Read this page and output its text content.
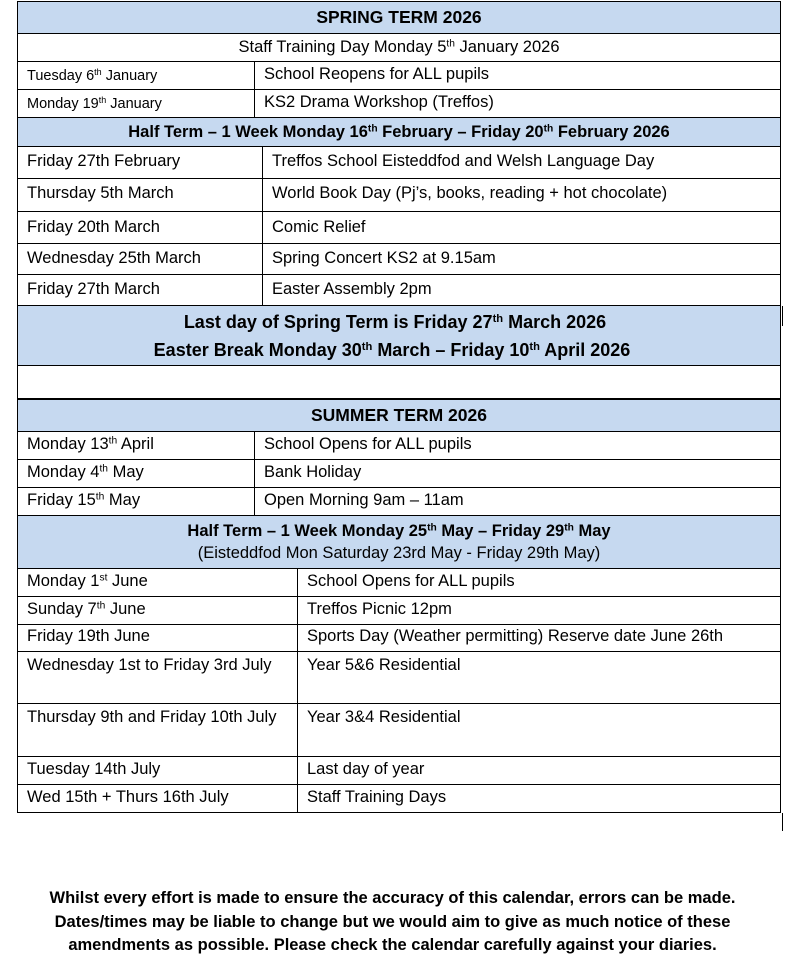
SPRING TERM 2026
Staff Training Day Monday 5th January 2026
Tuesday 6th January	School Reopens for ALL pupils
Monday 19th January	KS2 Drama Workshop (Treffos)
Half Term – 1 Week Monday 16th February – Friday 20th February 2026
Friday 27th February	Treffos School Eisteddfod and Welsh Language Day
Thursday 5th March	World Book Day (Pj’s, books, reading + hot chocolate)
Friday 20th March	Comic Relief
Wednesday 25th March	Spring Concert KS2 at 9.15am
Friday 27th March	Easter Assembly 2pm
Last day of Spring Term is Friday 27th March 2026
Easter Break Monday 30th March – Friday 10th April 2026
SUMMER TERM 2026
Monday 13th April	School Opens for ALL pupils
Monday 4th May	Bank Holiday
Friday 15th May	Open Morning 9am – 11am
Half Term – 1 Week Monday 25th May – Friday 29th May
(Eisteddfod Mon Saturday 23rd May - Friday 29th May)
Monday 1st June	School Opens for ALL pupils
Sunday 7th June	Treffos Picnic 12pm
Friday 19th June	Sports Day (Weather permitting) Reserve date June 26th
Wednesday 1st to Friday 3rd July	Year 5&6 Residential
Thursday 9th and Friday 10th July	Year 3&4 Residential
Tuesday 14th July	Last day of year
Wed 15th + Thurs 16th July	Staff Training Days
Whilst every effort is made to ensure the accuracy of this calendar, errors can be made.
Dates/times may be liable to change but we would aim to give as much notice of these
amendments as possible. Please check the calendar carefully against your diaries.
